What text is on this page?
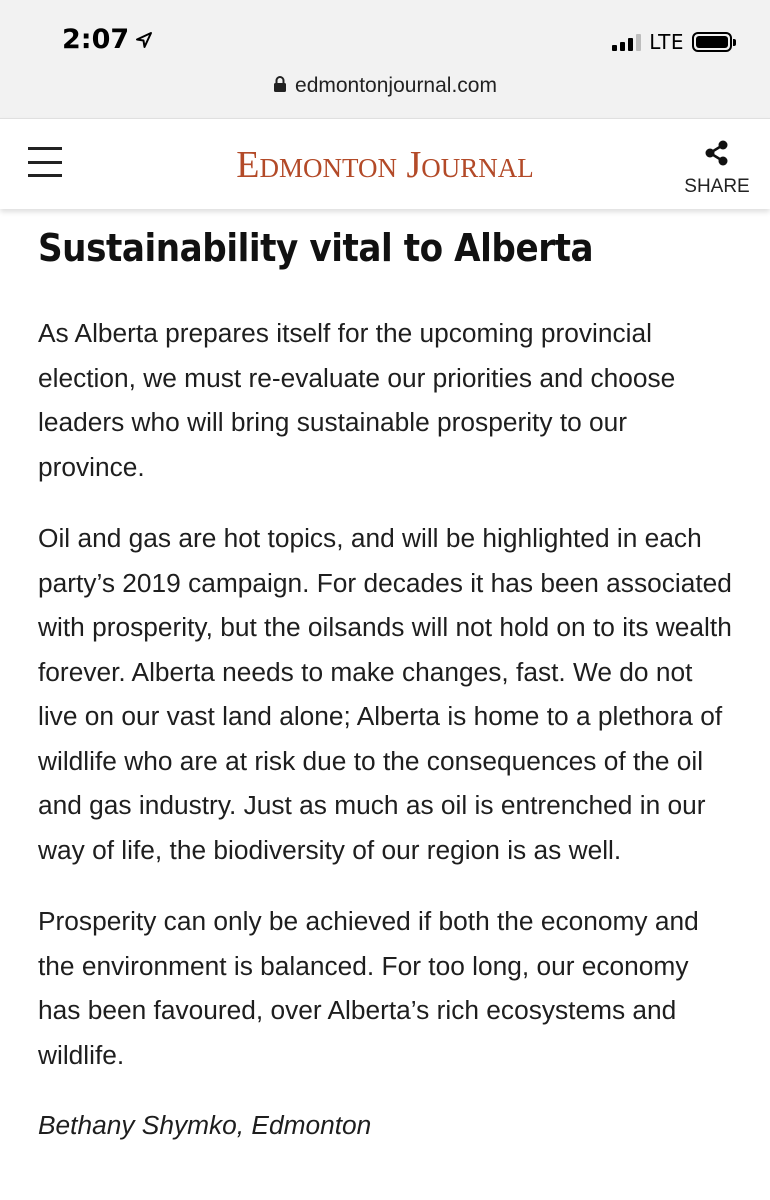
2:07	LTE
edmontonjournal.com
Edmonton Journal
SHARE
Sustainability vital to Alberta

As Alberta prepares itself for the upcoming provincial election, we must re-evaluate our priorities and choose leaders who will bring sustainable prosperity to our province.

Oil and gas are hot topics, and will be highlighted in each party’s 2019 campaign. For decades it has been associated with prosperity, but the oilsands will not hold on to its wealth forever. Alberta needs to make changes, fast. We do not live on our vast land alone; Alberta is home to a plethora of wildlife who are at risk due to the consequences of the oil and gas industry. Just as much as oil is entrenched in our way of life, the biodiversity of our region is as well.

Prosperity can only be achieved if both the economy and the environment is balanced. For too long, our economy has been favoured, over Alberta’s rich ecosystems and wildlife.

Bethany Shymko, Edmonton
